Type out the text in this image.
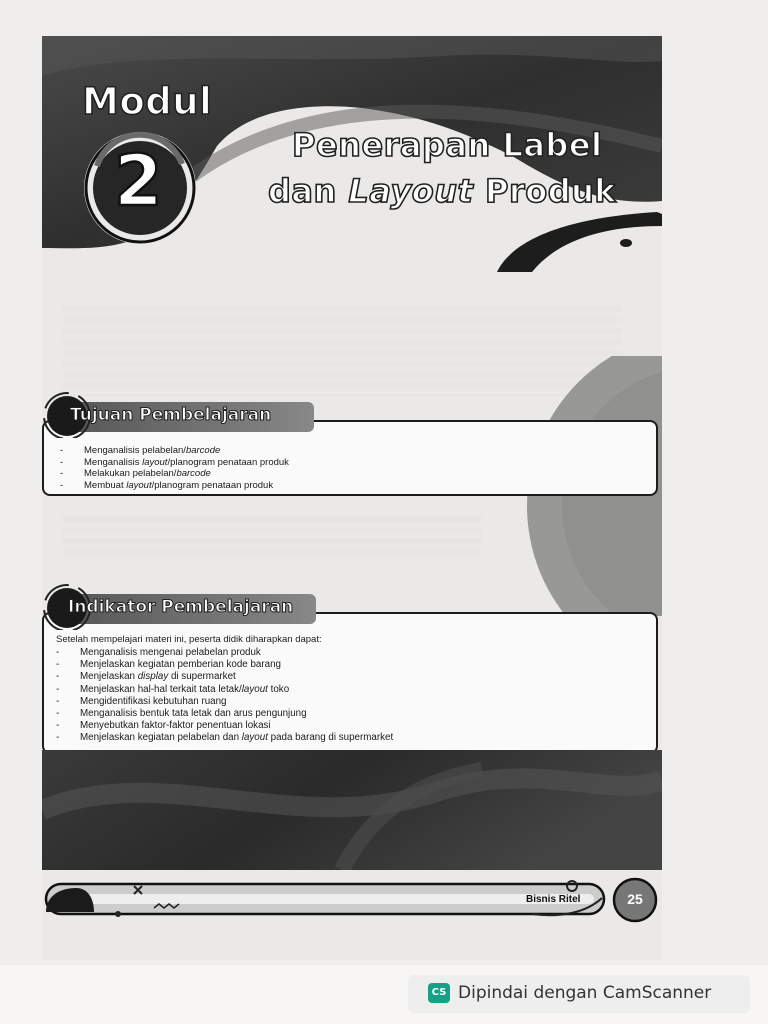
Modul
2	Penerapan Label
dan Layout Produk
Tujuan Pembelajaran
- Menganalisis pelabelan/barcode
- Menganalisis layout/planogram penataan produk
- Melakukan pelabelan/barcode
- Membuat layout/planogram penataan produk
Indikator Pembelajaran
Setelah mempelajari materi ini, peserta didik diharapkan dapat:
- Menganalisis mengenai pelabelan produk
- Menjelaskan kegiatan pemberian kode barang
- Menjelaskan display di supermarket
- Menjelaskan hal-hal terkait tata letak/layout toko
- Mengidentifikasi kebutuhan ruang
- Menganalisis bentuk tata letak dan arus pengunjung
- Menyebutkan faktor-faktor penentuan lokasi
- Menjelaskan kegiatan pelabelan dan layout pada barang di supermarket
Bisnis Ritel	25
CS Dipindai dengan CamScanner
